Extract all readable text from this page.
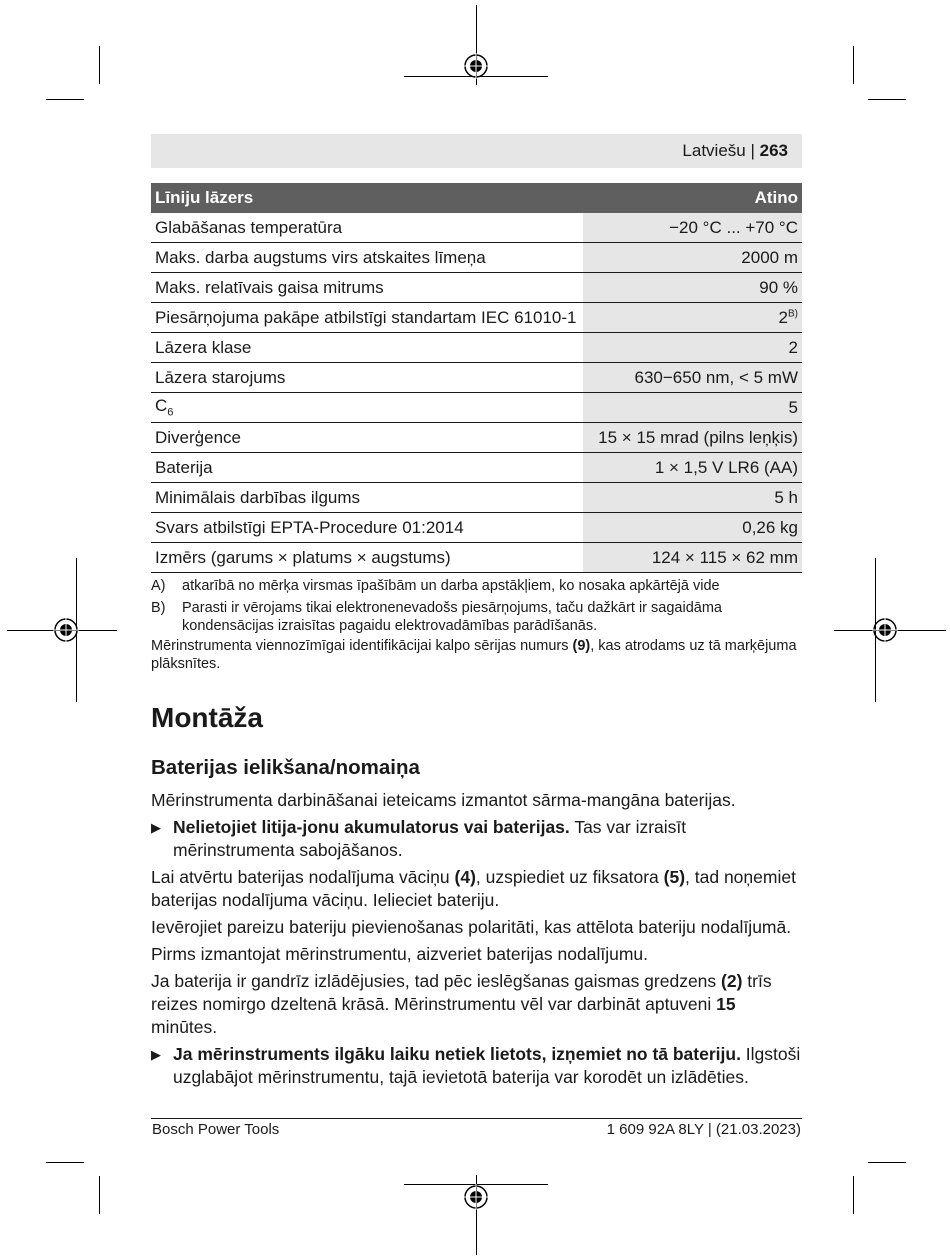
Latviešu | 263
Līniju lāzers	Atino
Glabāšanas temperatūra	−20 °C ... +70 °C
Maks. darba augstums virs atskaites līmeņa	2000 m
Maks. relatīvais gaisa mitrums	90 %
Piesārņojuma pakāpe atbilstīgi standartam IEC 61010-1	$2^{B)}$
Lāzera klase	2
Lāzera starojums	630−650 nm, < 5 mW
$C_6$	5
Diverģence	15 × 15 mrad (pilns leņķis)
Baterija	1 × 1,5 V LR6 (AA)
Minimālais darbības ilgums	5 h
Svars atbilstīgi EPTA-Procedure 01:2014	0,26 kg
Izmērs (garums × platums × augstums)	124 × 115 × 62 mm
A)	atkarībā no mērķa virsmas īpašībām un darba apstākļiem, ko nosaka apkārtējā vide
B)	Parasti ir vērojams tikai elektronenevadošs piesārņojums, taču dažkārt ir sagaidāma kondensācijas izraisītas pagaidu elektrovadāmības parādīšanās.
Mērinstrumenta viennozīmīgai identifikācijai kalpo sērijas numurs (9), kas atrodams uz tā marķējuma plāksnītes.
Montāža
Baterijas ielikšana/nomaiņa

Mērinstrumenta darbināšanai ieteicams izmantot sārma-mangāna baterijas.

▶ Nelietojiet litija-jonu akumulatorus vai baterijas. Tas var izraisīt mērinstrumenta sabojāšanos.

Lai atvērtu baterijas nodalījuma vāciņu (4), uzspiediet uz fiksatora (5), tad noņemiet baterijas nodalījuma vāciņu. Ielieciet bateriju.

Ievērojiet pareizu bateriju pievienošanas polaritāti, kas attēlota bateriju nodalījumā.

Pirms izmantojat mērinstrumentu, aizveriet baterijas nodalījumu.

Ja baterija ir gandrīz izlādējusies, tad pēc ieslēgšanas gaismas gredzens (2) trīs reizes nomirgo dzeltenā krāsā. Mērinstrumentu vēl var darbināt aptuveni 15 minūtes.

▶ Ja mērinstruments ilgāku laiku netiek lietots, izņemiet no tā bateriju. Ilgstoši uzglabājot mērinstrumentu, tajā ievietotā baterija var korodēt un izlādēties.
Bosch Power Tools	1 609 92A 8LY | (21.03.2023)
